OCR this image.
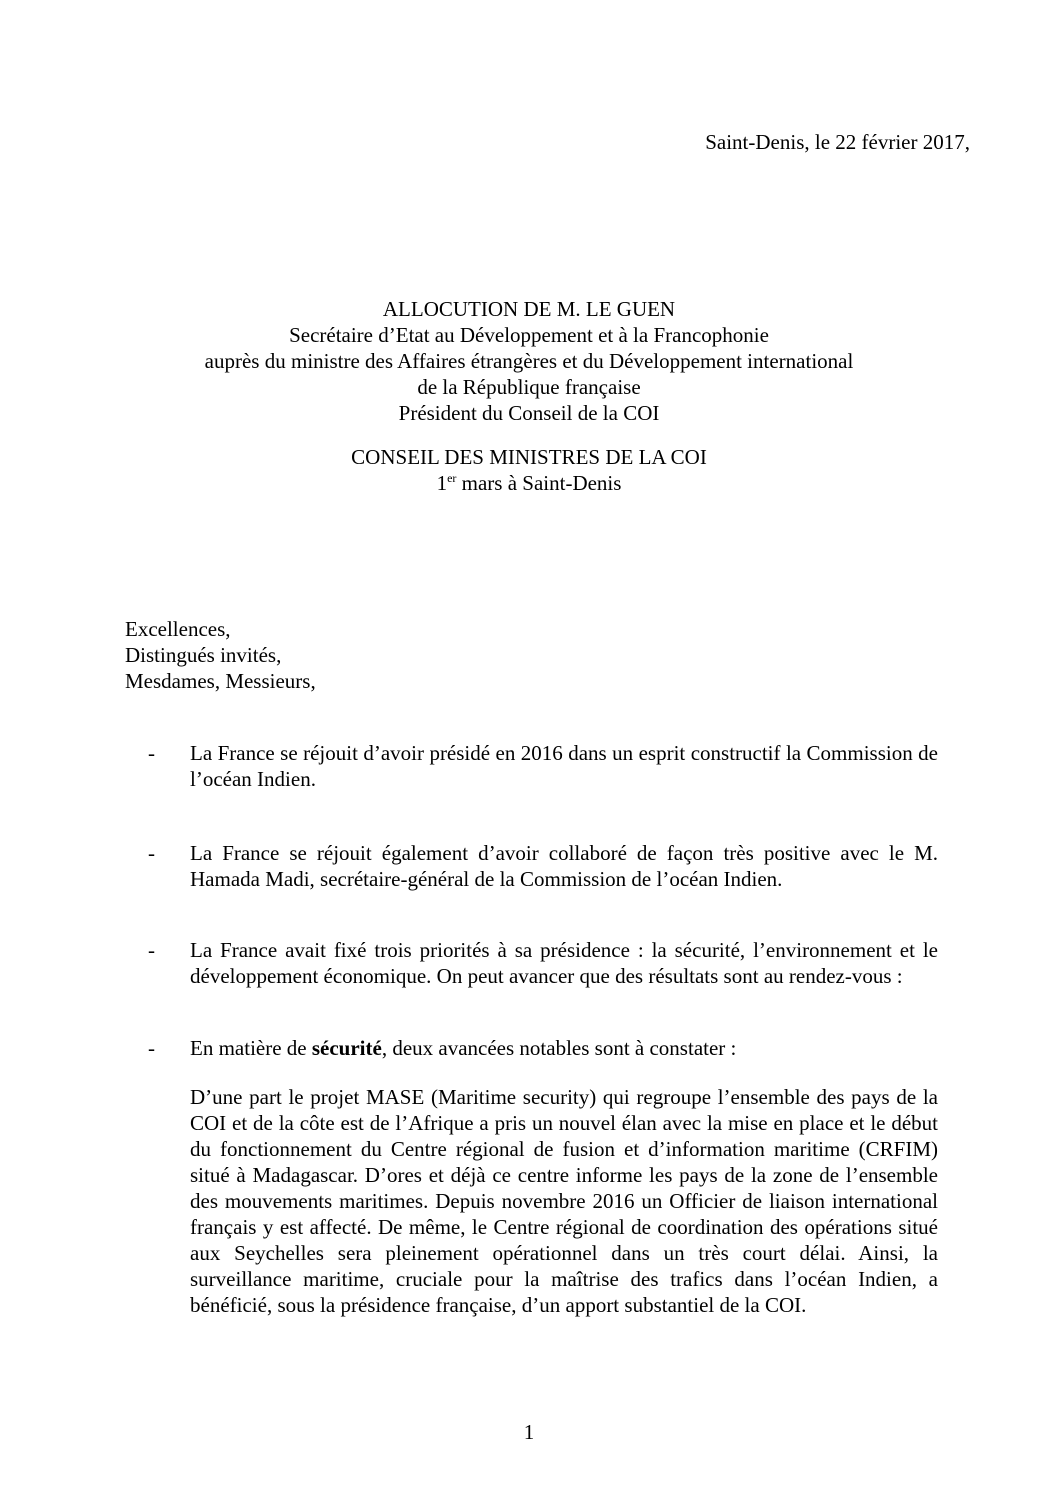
Saint-Denis, le 22 février 2017,
ALLOCUTION DE M. LE GUEN
Secrétaire d’Etat au Développement et à la Francophonie
auprès du ministre des Affaires étrangères et du Développement international
de la République française
Président du Conseil de la COI
CONSEIL DES MINISTRES DE LA COI
1er mars à Saint-Denis
Excellences,
Distingués invités,
Mesdames, Messieurs,
- La France se réjouit d’avoir présidé en 2016 dans un esprit constructif la Commission de l’océan Indien.
- La France se réjouit également d’avoir collaboré de façon très positive avec le M. Hamada Madi, secrétaire-général de la Commission de l’océan Indien.
- La France avait fixé trois priorités à sa présidence : la sécurité, l’environnement et le développement économique. On peut avancer que des résultats sont au rendez-vous :
- En matière de sécurité, deux avancées notables sont à constater :
D’une part le projet MASE (Maritime security) qui regroupe l’ensemble des pays de la COI et de la côte est de l’Afrique a pris un nouvel élan avec la mise en place et le début du fonctionnement du Centre régional de fusion et d’information maritime (CRFIM) situé à Madagascar. D’ores et déjà ce centre informe les pays de la zone de l’ensemble des mouvements maritimes. Depuis novembre 2016 un Officier de liaison international français y est affecté. De même, le Centre régional de coordination des opérations situé aux Seychelles sera pleinement opérationnel dans un très court délai. Ainsi, la surveillance maritime, cruciale pour la maîtrise des trafics dans l’océan Indien, a bénéficié, sous la présidence française, d’un apport substantiel de la COI.
1
